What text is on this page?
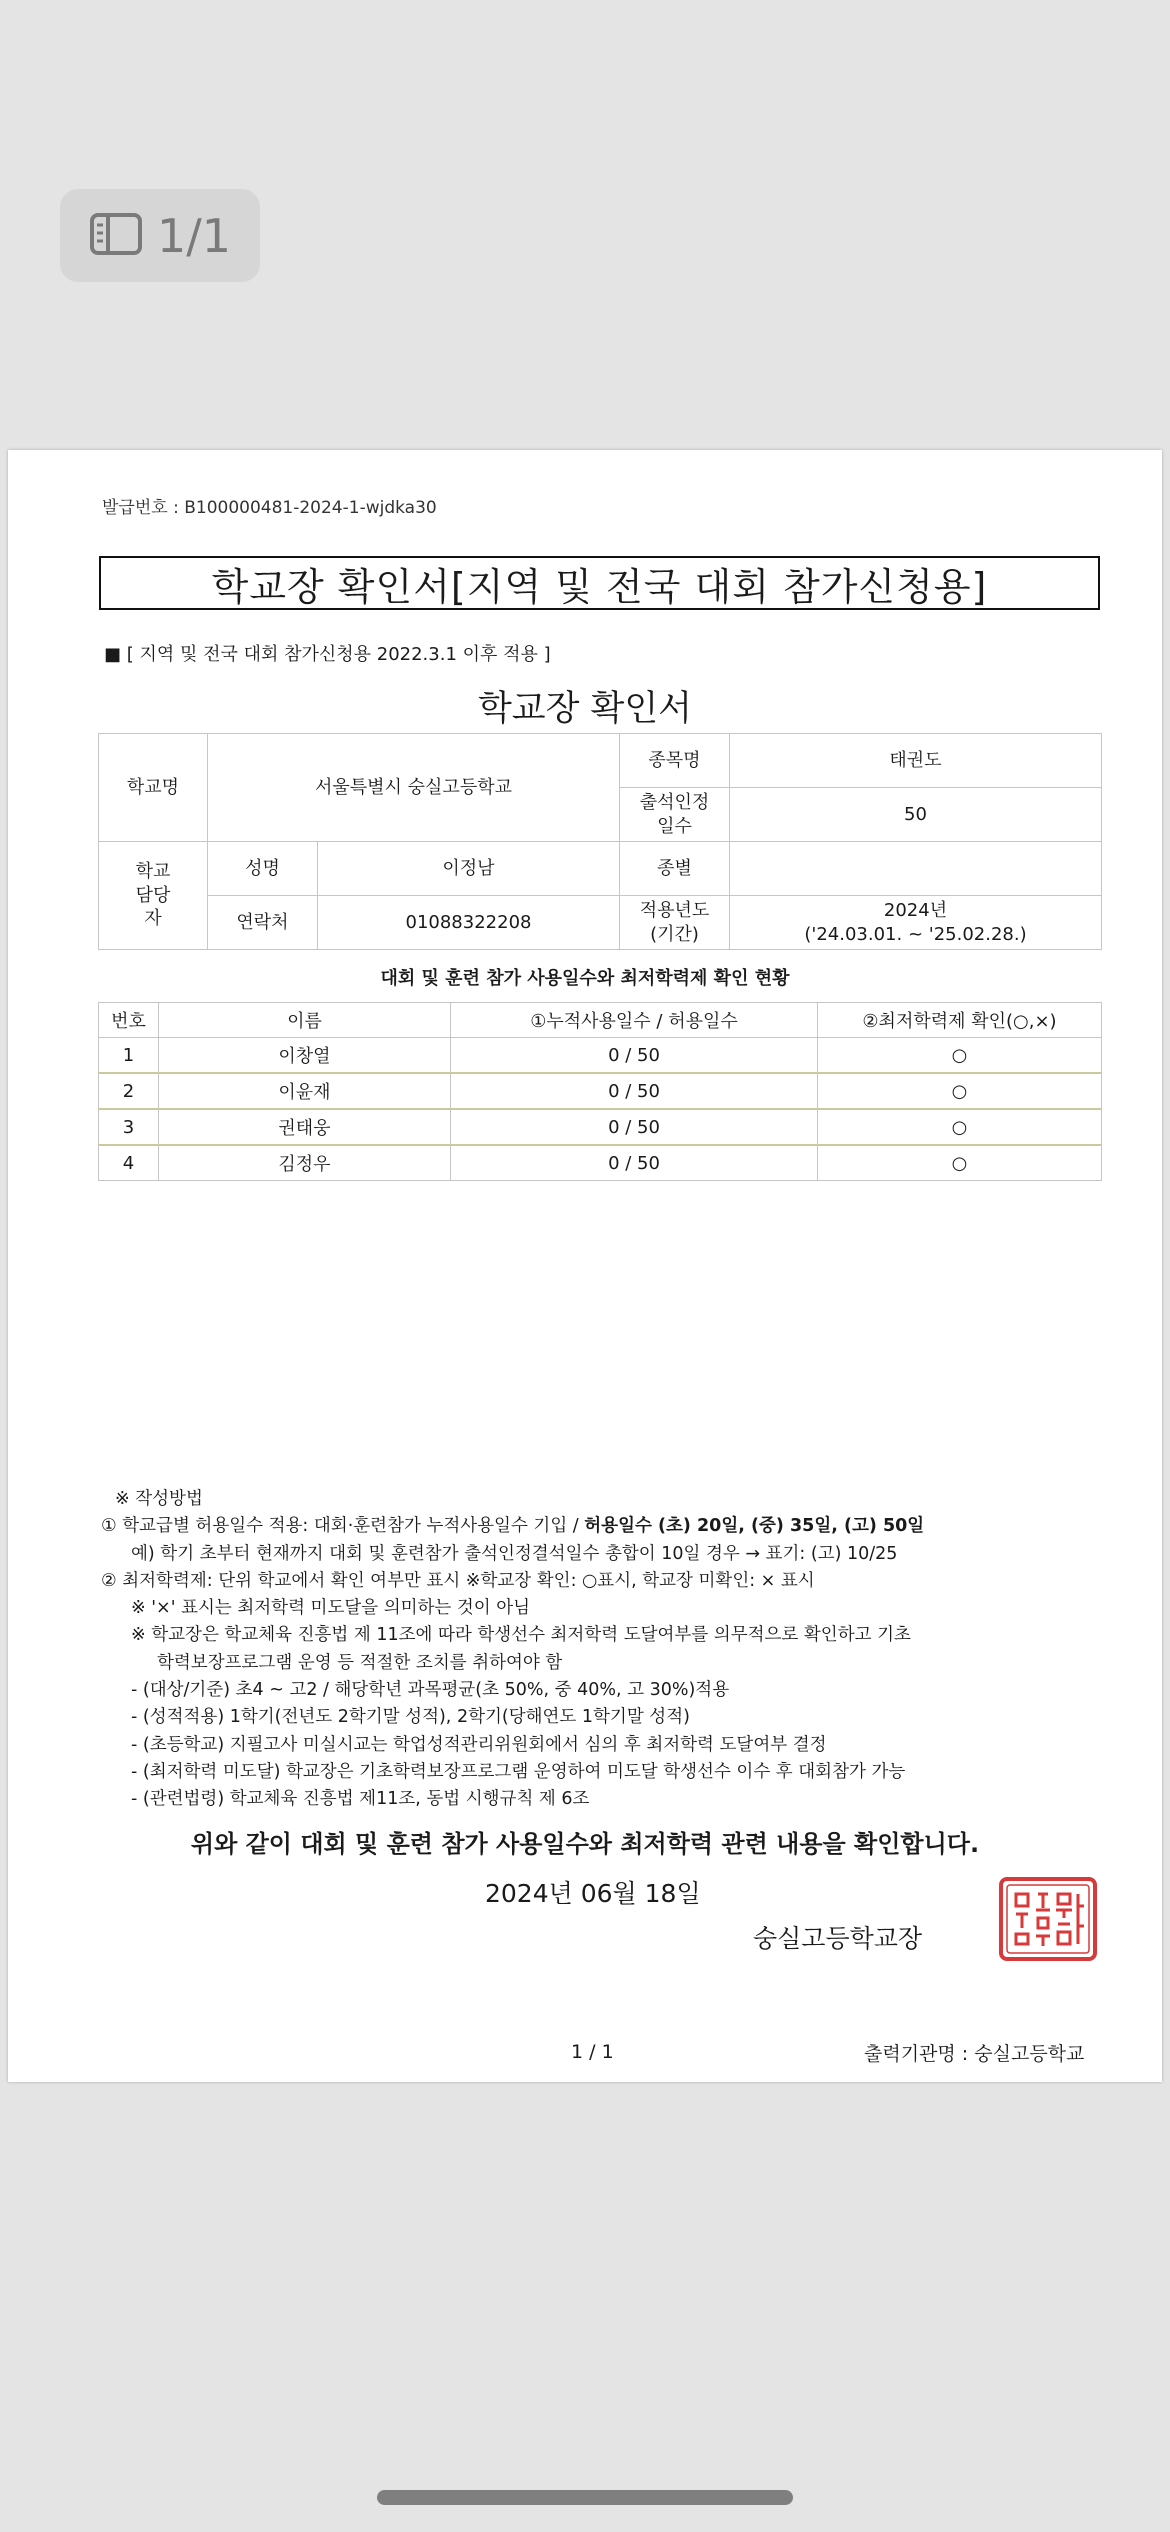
1/1
발급번호 : B100000481-2024-1-wjdka30
학교장 확인서[지역 및 전국 대회 참가신청용]
■ [ 지역 및 전국 대회 참가신청용 2022.3.1 이후 적용 ]
학교장 확인서
학교명	서울특별시 숭실고등학교		종목명	태권도

			출석인정 일수	50

학교 담당자	성명	이정남	종별	
	연락처	01088322208	적용년도 (기간)	2024년
('24.03.01. ~ '25.02.28.)
대회 및 훈련 참가 사용일수와 최저학력제 확인 현황
번호	이름	①누적사용일수 / 허용일수	②최저학력제 확인(○,×)
1	이창열	0 / 50	○
2	이윤재	0 / 50	○
3	권태웅	0 / 50	○
4	김정우	0 / 50	○
※ 작성방법
① 학교급별 허용일수 적용: 대회·훈련참가 누적사용일수 기입 / 허용일수 (초) 20일, (중) 35일, (고) 50일
예) 학기 초부터 현재까지 대회 및 훈련참가 출석인정결석일수 총합이 10일 경우 → 표기: (고) 10/25
② 최저학력제: 단위 학교에서 확인 여부만 표시 ※학교장 확인: ○표시, 학교장 미확인: × 표시
※ '×' 표시는 최저학력 미도달을 의미하는 것이 아님
※ 학교장은 학교체육 진흥법 제 11조에 따라 학생선수 최저학력 도달여부를 의무적으로 확인하고 기초
학력보장프로그램 운영 등 적절한 조치를 취하여야 함
- (대상/기준) 초4 ~ 고2 / 해당학년 과목평균(초 50%, 중 40%, 고 30%)적용
- (성적적용) 1학기(전년도 2학기말 성적), 2학기(당해연도 1학기말 성적)
- (초등학교) 지필고사 미실시교는 학업성적관리위원회에서 심의 후 최저학력 도달여부 결정
- (최저학력 미도달) 학교장은 기초학력보장프로그램 운영하여 미도달 학생선수 이수 후 대회참가 가능
- (관련법령) 학교체육 진흥법 제11조, 동법 시행규칙 제 6조
위와 같이 대회 및 훈련 참가 사용일수와 최저학력 관련 내용을 확인합니다.
2024년 06월 18일
숭실고등학교장
1 / 1	출력기관명 : 숭실고등학교
